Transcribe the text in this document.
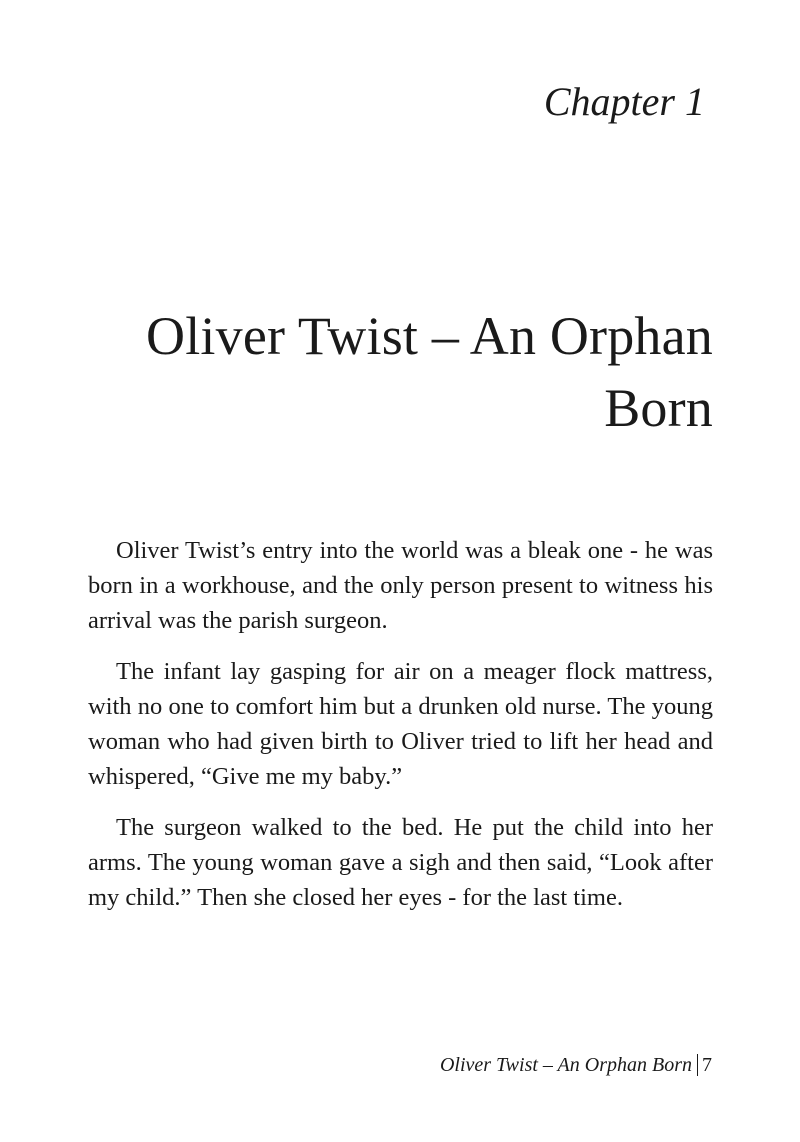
Chapter 1
Oliver Twist – An Orphan
Born

Oliver Twist’s entry into the world was a bleak one - he was born in a workhouse, and the only person present to witness his arrival was the parish surgeon.

The infant lay gasping for air on a meager flock mattress, with no one to comfort him but a drunken old nurse. The young woman who had given birth to Oliver tried to lift her head and whispered, “Give me my baby.”

The surgeon walked to the bed. He put the child into her arms. The young woman gave a sigh and then said, “Look after my child.” Then she closed her eyes - for the last time.

Oliver Twist – An Orphan Born 7
